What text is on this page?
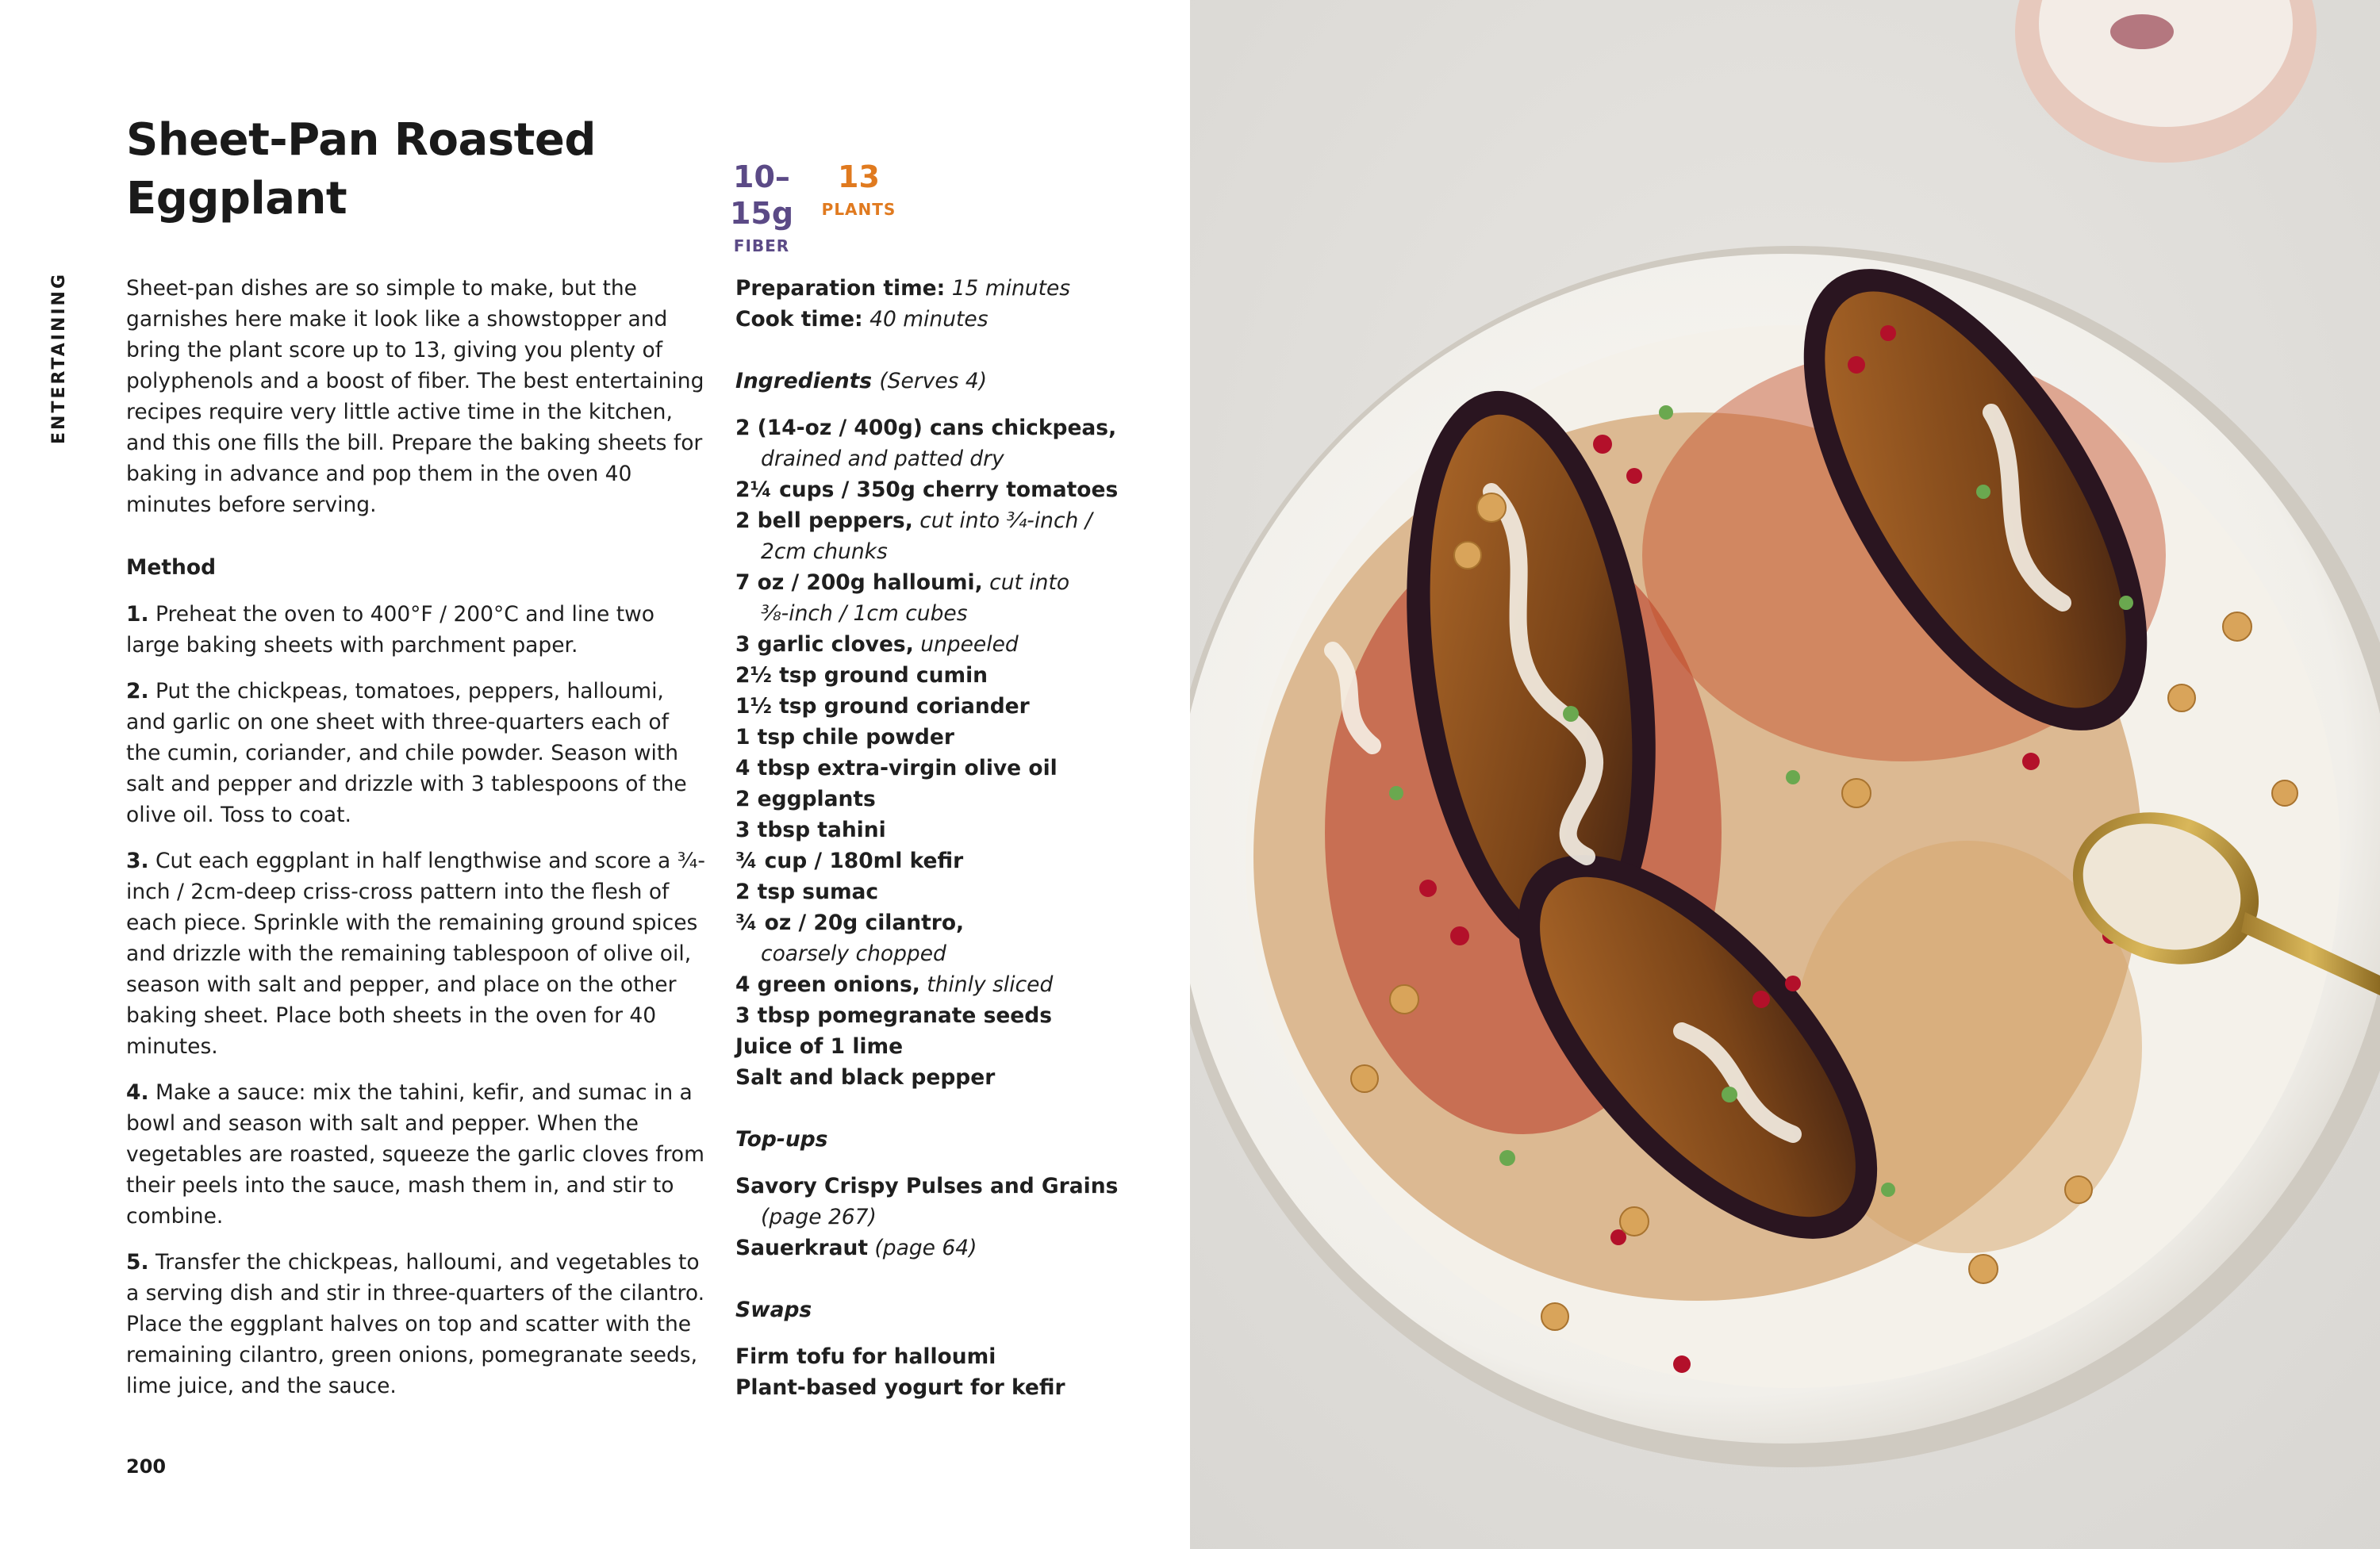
Sheet-Pan Roasted Eggplant	10–15g
FIBER
13
PLANTS
ENTERTAINING	Sheet-pan dishes are so simple to make, but the garnishes here make it look like a showstopper and bring the plant score up to 13, giving you plenty of polyphenols and a boost of fiber. The best entertaining recipes require very little active time in the kitchen, and this one fills the bill. Prepare the baking sheets for baking in advance and pop them in the oven 40 minutes before serving.

Method

1. Preheat the oven to 400°F / 200°C and line two large baking sheets with parchment paper.

2. Put the chickpeas, tomatoes, peppers, halloumi, and garlic on one sheet with three-quarters each of the cumin, coriander, and chile powder. Season with salt and pepper and drizzle with 3 tablespoons of the olive oil. Toss to coat.

3. Cut each eggplant in half lengthwise and score a ¾-inch / 2cm-deep criss-cross pattern into the flesh of each piece. Sprinkle with the remaining ground spices and drizzle with the remaining tablespoon of olive oil, season with salt and pepper, and place on the other baking sheet. Place both sheets in the oven for 40 minutes.

4. Make a sauce: mix the tahini, kefir, and sumac in a bowl and season with salt and pepper. When the vegetables are roasted, squeeze the garlic cloves from their peels into the sauce, mash them in, and stir to combine.

5. Transfer the chickpeas, halloumi, and vegetables to a serving dish and stir in three-quarters of the cilantro. Place the eggplant halves on top and scatter with the remaining cilantro, green onions, pomegranate seeds, lime juice, and the sauce.

Preparation time: 15 minutes
Cook time: 40 minutes

Ingredients (Serves 4)

2 (14-oz / 400g) cans chickpeas,
drained and patted dry
2¼ cups / 350g cherry tomatoes
2 bell peppers, cut into ¾-inch /
2cm chunks
7 oz / 200g halloumi, cut into
⅜-inch / 1cm cubes
3 garlic cloves, unpeeled
2½ tsp ground cumin
1½ tsp ground coriander
1 tsp chile powder
4 tbsp extra-virgin olive oil
2 eggplants
3 tbsp tahini
¾ cup / 180ml kefir
2 tsp sumac
¾ oz / 20g cilantro,
coarsely chopped
4 green onions, thinly sliced
3 tbsp pomegranate seeds
Juice of 1 lime
Salt and black pepper

Top-ups

Savory Crispy Pulses and Grains
(page 267)
Sauerkraut (page 64)

Swaps

Firm tofu for halloumi
Plant-based yogurt for kefir
200
